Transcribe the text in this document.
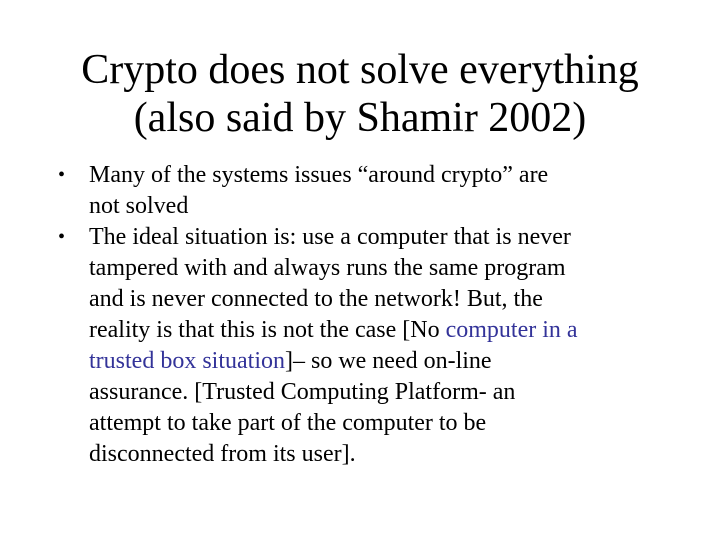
Crypto does not solve everything
(also said by Shamir 2002)
• Many of the systems issues “around crypto” are
not solved
• The ideal situation is: use a computer that is never
tampered with and always runs the same program
and is never connected to the network! But, the
reality is that this is not the case [No computer in a
trusted box situation]– so we need on-line
assurance. [Trusted Computing Platform- an
attempt to take part of the computer to be
disconnected from its user].
